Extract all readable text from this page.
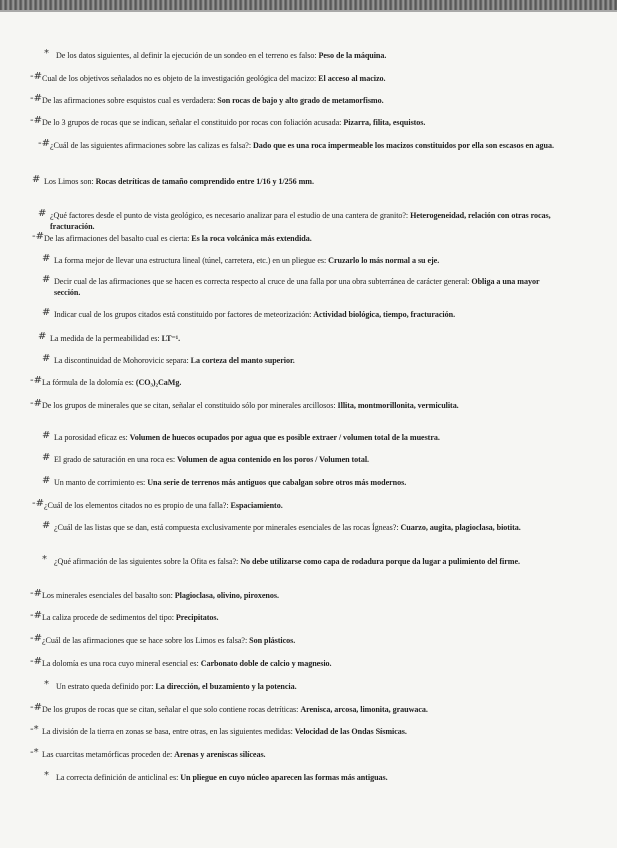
* De los datos siguientes, al definir la ejecución de un sondeo en el terreno es falso: Peso de la máquina.
-# Cual de los objetivos señalados no es objeto de la investigación geológica del macizo: El acceso al macizo.
-# De las afirmaciones sobre esquistos cual es verdadera: Son rocas de bajo y alto grado de metamorfismo.
-# De lo 3 grupos de rocas que se indican, señalar el constituido por rocas con foliación acusada: Pizarra, filita, esquistos.
-# ¿Cuál de las siguientes afirmaciones sobre las calizas es falsa?: Dado que es una roca impermeable los macizos constituidos por ella son escasos en agua.
# Los Limos son: Rocas detríticas de tamaño comprendido entre 1/16 y 1/256 mm.
# ¿Qué factores desde el punto de vista geológico, es necesario analizar para el estudio de una cantera de granito?: Heterogeneidad, relación con otras rocas, fracturación.
-# De las afirmaciones del basalto cual es cierta: Es la roca volcánica más extendida.
# La forma mejor de llevar una estructura lineal (túnel, carretera, etc.) en un pliegue es: Cruzarlo lo más normal a su eje.
# Decir cual de las afirmaciones que se hacen es correcta respecto al cruce de una falla por una obra subterránea de carácter general: Obliga a una mayor sección.
# Indicar cual de los grupos citados está constituido por factores de meteorización: Actividad biológica, tiempo, fracturación.
# La medida de la permeabilidad es: LT⁻¹.
# La discontinuidad de Mohorovicic separa: La corteza del manto superior.
-# La fórmula de la dolomía es: (CO₃)₂CaMg.
-# De los grupos de minerales que se citan, señalar el constituido sólo por minerales arcillosos: Illita, montmorillonita, vermiculita.
# La porosidad eficaz es: Volumen de huecos ocupados por agua que es posible extraer / volumen total de la muestra.
# El grado de saturación en una roca es: Volumen de agua contenido en los poros / Volumen total.
# Un manto de corrimiento es: Una serie de terrenos más antiguos que cabalgan sobre otros más modernos.
-# ¿Cuál de los elementos citados no es propio de una falla?: Espaciamiento.
# ¿Cuál de las listas que se dan, está compuesta exclusivamente por minerales esenciales de las rocas Ígneas?: Cuarzo, augita, plagioclasa, biotita.
* ¿Qué afirmación de las siguientes sobre la Ofita es falsa?: No debe utilizarse como capa de rodadura porque da lugar a pulimiento del firme.
-# Los minerales esenciales del basalto son: Plagioclasa, olivino, piroxenos.
-# La caliza procede de sedimentos del tipo: Precipitatos.
-# ¿Cuál de las afirmaciones que se hace sobre los Limos es falsa?: Son plásticos.
-# La dolomía es una roca cuyo mineral esencial es: Carbonato doble de calcio y magnesio.
* Un estrato queda definido por: La dirección, el buzamiento y la potencia.
-# De los grupos de rocas que se citan, señalar el que solo contiene rocas detríticas: Arenisca, arcosa, limonita, grauwaca.
-* La división de la tierra en zonas se basa, entre otras, en las siguientes medidas: Velocidad de las Ondas Sísmicas.
-* Las cuarcitas metamórficas proceden de: Arenas y areniscas silíceas.
* La correcta definición de anticlinal es: Un pliegue en cuyo núcleo aparecen las formas más antiguas.
